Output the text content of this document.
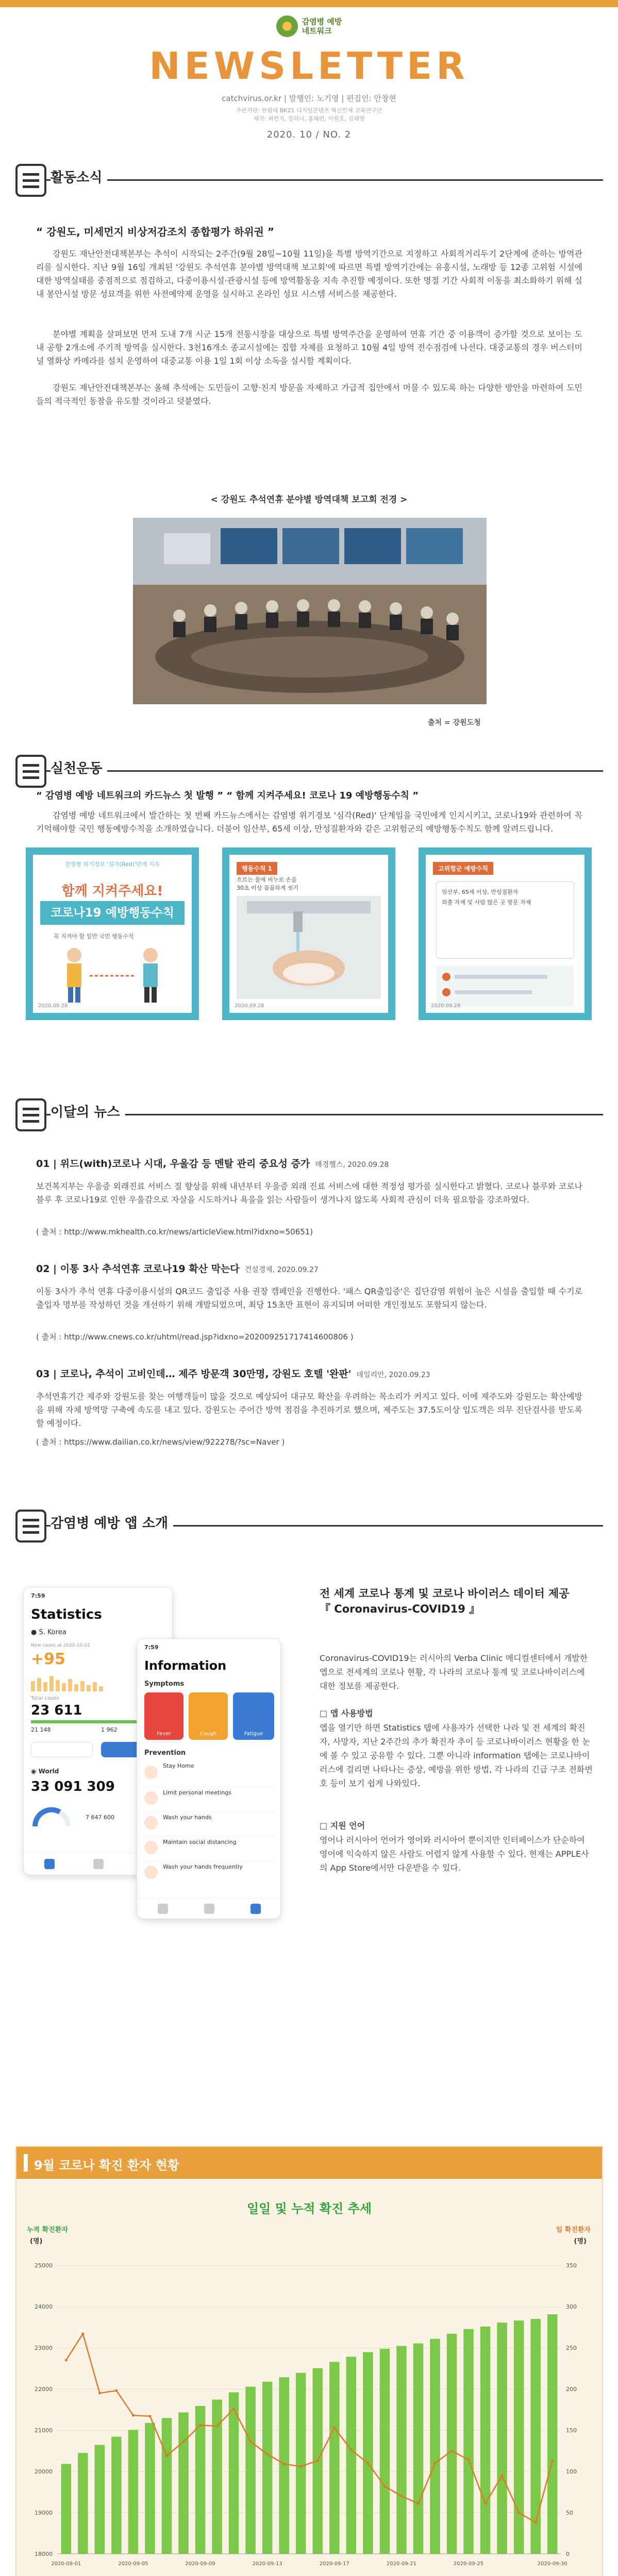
감염병 예방
네트워크
NEWSLETTER
catchvirus.or.kr | 발행인: 노기영 | 편집인: 안창현
주관기관: 한림대 BK21 디지털콘텐츠 혁신인재 교육연구단
제작: 최민지, 강하나, 홍혜련, 이원호, 김채영
2020. 10 / NO. 2
활동소식
“ 강원도, 미세먼지 비상저감조치 종합평가 하위권 ”
강원도 재난안전대책본부는 추석이 시작되는 2주간(9월 28일~10월 11일)을 특별 방역기간으로 지정하고 사회적거리두기 2단계에 준하는 방역관리를 실시한다. 지난 9월 16일 개최된 '강원도 추석연휴 분야별 방역대책 보고회'에 따르면 특별 방역기간에는 유흥시설, 노래방 등 12종 고위험 시설에 대한 방역실태를 중점적으로 점검하고, 다중이용시설·관광시설 등에 방역활동을 지속 추진할 예정이다. 또한 명절 기간 사회적 이동을 최소화하기 위해 실내 봉안시설 방문 성묘객을 위한 사전예약제 운영을 실시하고 온라인 성묘 시스템 서비스를 제공한다.
분야별 계획을 살펴보면 먼저 도내 7개 시군 15개 전통시장을 대상으로 특별 방역주간을 운영하여 연휴 기간 중 이용객이 증가할 것으로 보이는 도내 공항 2개소에 주기적 방역을 실시한다. 3천16개소 종교시설에는 집합 자제를 요청하고 10월 4일 방역 전수점검에 나선다. 대중교통의 경우 버스터미널 열화상 카메라를 설치 운영하여 대중교통 이용 1일 1회 이상 소독을 실시할 계획이다.
강원도 재난안전대책본부는 올해 추석에는 도민들이 고향·친지 방문을 자제하고 가급적 집안에서 머물 수 있도록 하는 다양한 방안을 마련하여 도민들의 적극적인 동참을 유도할 것이라고 덧붙였다.
< 강원도 추석연휴 분야별 방역대책 보고회 전경 >
출처 = 강원도청
실천운동
“ 감염병 예방 네트워크의 카드뉴스 첫 발행 ” “ 함께 지켜주세요! 코로나 19 예방행동수칙 ”
감염병 예방 네트워크에서 발간하는 첫 번째 카드뉴스에서는 감염병 위기경보 '심각(Red)' 단계임을 국민에게 인지시키고, 코로나19와 관련하여 꼭 기억해야할 국민 행동예방수칙을 소개하였습니다. 더불어 임산부, 65세 이상, 만성질환자와 같은 고위험군의 예방행동수칙도 함께 알려드립니다.
감염병 위기경보 '심각(Red)'단계 지속
함께 지켜주세요!
코로나19 예방행동수칙
꼭 지켜야 할 일반 국민 행동수칙
2020.09.28
행동수칙 1
흐르는 물에 비누로 손을
30초 이상 꼼꼼하게 씻기
2020.09.28
고위험군 예방수칙
임산부, 65세 이상, 만성질환자
외출 자제 및 사람 많은 곳 방문 자제
2020.09.28
이달의 뉴스
01 | 위드(with)코로나 시대, 우울감 등 멘탈 관리 중요성 증가 매경헬스, 2020.09.28
보건복지부는 우울증 외래진료 서비스 질 향상을 위해 내년부터 우울증 외래 진료 서비스에 대한 적정성 평가를 실시한다고 밝혔다. 코로나 블루와 코로나 블루 후 코로나19로 인한 우울감으로 자살을 시도하거나 욕을을 읽는 사람들이 생겨나지 않도록 사회적 관심이 더욱 필요함을 강조하였다.
( 출처 : http://www.mkhealth.co.kr/news/articleView.html?idxno=50651)
02 | 이통 3사 추석연휴 코로나19 확산 막는다 건설경제, 2020.09.27
이동 3사가 추석 연휴 다중이용시설의 QR코드 출입증 사용 권장 캠페인을 진행한다. '패스 QR출입증'은 집단감염 위험이 높은 시설을 출입할 때 수기로 출입자 명부를 작성하던 것을 개선하기 위해 개발되었으며, 최당 15초만 표현이 유지되며 어떠한 개인정보도 포함되지 않는다.
( 출처 : http://www.cnews.co.kr/uhtml/read.jsp?idxno=202009251717414600806 )
03 | 코로나, 추석이 고비인데… 제주 방문객 30만명, 강원도 호텔 '완판' 데일리안, 2020.09.23
추석연휴기간 제주와 강원도를 찾는 여행객들이 많을 것으로 예상되어 대규모 확산을 우려하는 목소리가 커지고 있다. 이에 제주도와 강원도는 확산예방을 위해 자체 방역망 구축에 속도를 내고 있다. 강원도는 주어간 방역 점검을 추진하기로 했으며, 제주도는 37.5도이상 입도객은 의무 진단검사를 받도록 할 예정이다.
( 출처 : https://www.dailian.co.kr/news/view/922278/?sc=Naver )
감염병 예방 앱 소개
7:59
Statistics
● S. Korea
New cases at 2020-10-01
+95
Total cases
23 611
21 148	1 962
◉ World
33 091 309
7 647 600
7:59
Information
Symptoms
Fever	Cough	Fatigue
Prevention
Stay Home
Limit personal meetings
Wash your hands
Maintain social distancing
Wash your hands frequently
전 세계 코로나 통계 및 코로나 바이러스 데이터 제공
『 Coronavirus-COVID19 』
Coronavirus-COVID19는 러시아의 Verba Clinic 메디컬센터에서 개발한 앱으로 전세계의 코로나 현황, 각 나라의 코로나 통계 및 코로나바이러스에 대한 정보를 제공한다.
□ 앱 사용방법
앱을 열기만 하면 Statistics 탭에 사용자가 선택한 나라 및 전 세계의 확진자, 사망자, 지난 2주간의 추가 확진자 추이 등 코로나바이러스 현황을 한 눈에 볼 수 있고 공유할 수 있다. 그뿐 아니라 information 탭에는 코로나바이러스에 걸리면 나타나는 증상, 예방을 위한 방법, 각 나라의 긴급 구조 전화번호 등이 보기 쉽게 나와있다.
□ 지원 언어
영어나 러시아어 언어가 영어와 러시아어 뿐이지만 인터페이스가 단순하여 영어에 익숙하지 않은 사람도 어렵지 않게 사용할 수 있다. 현재는 APPLE사의 App Store에서만 다운받을 수 있다.
9월 코로나 확진 환자 현황
일일 및 누적 확진 추세
누적 확진환자
(명)
일 확진환자
(명)
18000
19000
20000
21000
22000
23000
24000
25000
0
50
100
150
200
250
300
350
2020-09-01	2020-09-05	2020-09-09	2020-09-13	2020-09-17	2020-09-21	2020-09-25	2020-09-30
